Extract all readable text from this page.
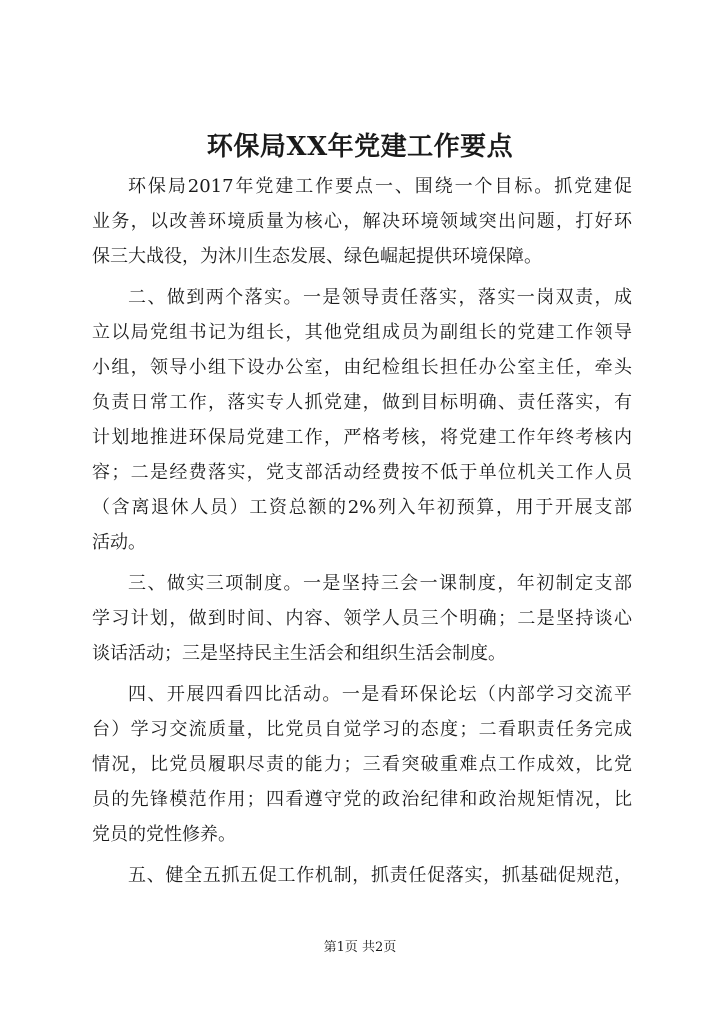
环保局XX年党建工作要点
环保局2017年党建工作要点一、围绕一个目标。抓党建促
业务，以改善环境质量为核心，解决环境领域突出问题，打好环
保三大战役，为沐川生态发展、绿色崛起提供环境保障。
二、做到两个落实。一是领导责任落实，落实一岗双责，成
立以局党组书记为组长，其他党组成员为副组长的党建工作领导
小组，领导小组下设办公室，由纪检组长担任办公室主任，牵头
负责日常工作，落实专人抓党建，做到目标明确、责任落实，有
计划地推进环保局党建工作，严格考核，将党建工作年终考核内
容；二是经费落实，党支部活动经费按不低于单位机关工作人员
（含离退休人员）工资总额的2%列入年初预算，用于开展支部
活动。
三、做实三项制度。一是坚持三会一课制度，年初制定支部
学习计划，做到时间、内容、领学人员三个明确；二是坚持谈心
谈话活动；三是坚持民主生活会和组织生活会制度。
四、开展四看四比活动。一是看环保论坛（内部学习交流平
台）学习交流质量，比党员自觉学习的态度；二看职责任务完成
情况，比党员履职尽责的能力；三看突破重难点工作成效，比党
员的先锋模范作用；四看遵守党的政治纪律和政治规矩情况，比
党员的党性修养。
五、健全五抓五促工作机制，抓责任促落实，抓基础促规范，
第1页 共2页
